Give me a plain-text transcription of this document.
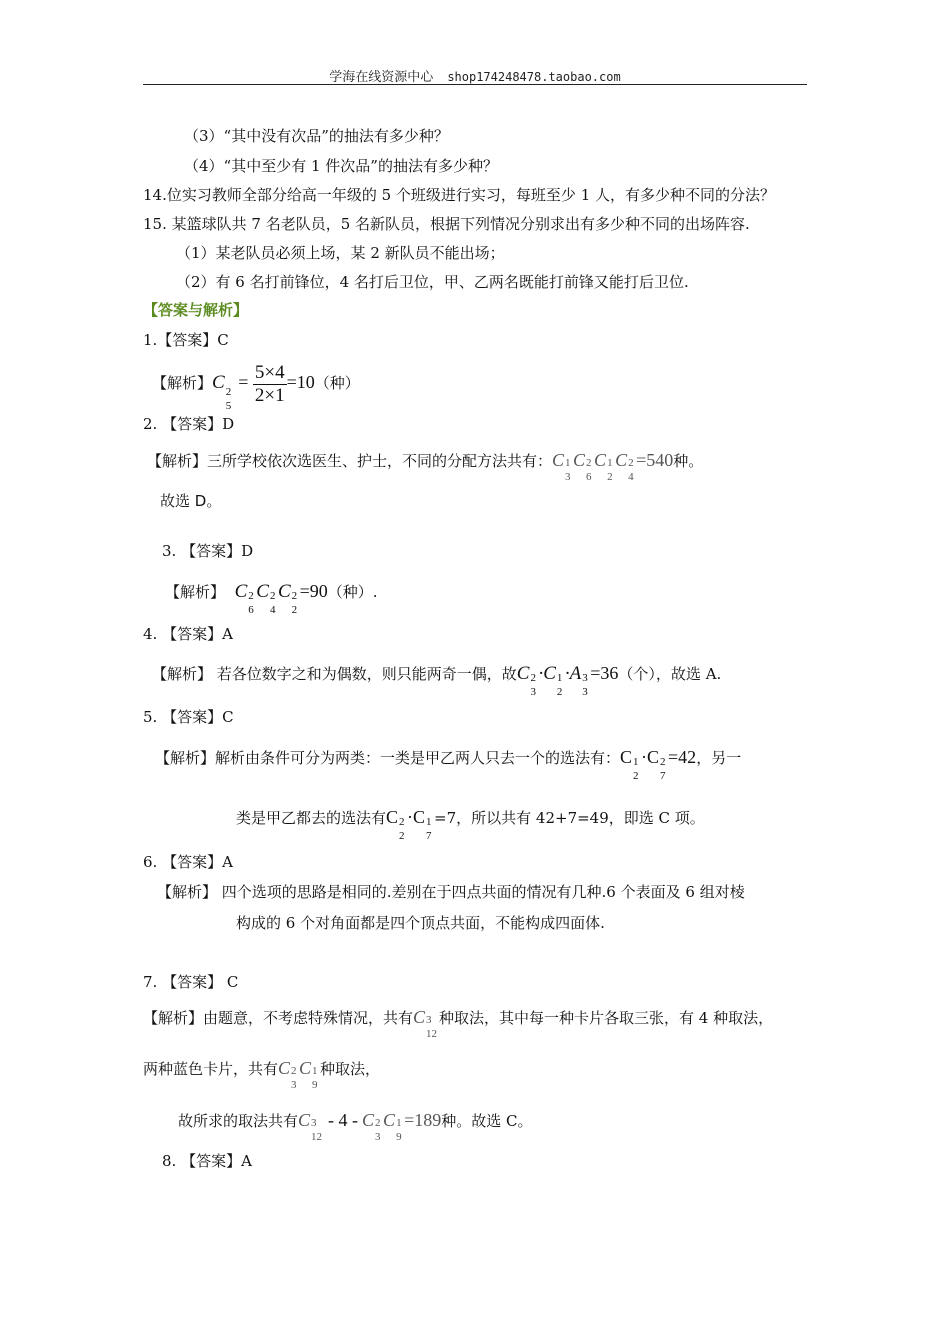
学海在线资源中心 shop174248478.taobao.com
（3）“其中没有次品”的抽法有多少种？
（4）“其中至少有 1 件次品”的抽法有多少种？
14.位实习教师全部分给高一年级的 5 个班级进行实习，每班至少 1 人，有多少种不同的分法？
15. 某篮球队共 7 名老队员，5 名新队员，根据下列情况分别求出有多少种不同的出场阵容.
（1）某老队员必须上场，某 2 新队员不能出场；
（2）有 6 名打前锋位，4 名打后卫位，甲、乙两名既能打前锋又能打后卫位.
【答案与解析】
1.【答案】C
【解析】C 2
5
= $\frac{5\times 4}{2\times 1} =10$（种）
2. 【答案】D
【解析】三所学校依次选医生、护士，不同的分配方法共有：C 1
3
C 2
6
C 1
2
C 2
4
=540种。
故选 D。
3. 【答案】D
【解析】 C 2
6
C 2
4
C 2
2
=90（种）.
4. 【答案】A
【解析】 若各位数字之和为偶数，则只能两奇一偶，故C 2
3
·C 1
2
·A 3
3
=36（个），故选 A.
5. 【答案】C
【解析】解析由条件可分为两类：一类是甲乙两人只去一个的选法有：C 1
2
·C 2
7
=42，另一
类是甲乙都去的选法有C 2
2
·C 1
7
=7，所以共有 42+7=49，即选 C 项。
6. 【答案】A
【解析】 四个选项的思路是相同的.差别在于四点共面的情况有几种.6 个表面及 6 组对棱
构成的 6 个对角面都是四个顶点共面，不能构成四面体.
7. 【答案】 C
【解析】由题意，不考虑特殊情况，共有C 3
12
种取法，其中每一种卡片各取三张，有 4 种取法，
两种蓝色卡片，共有C 2
3
C 1
9
种取法，
故所求的取法共有C 3
12
- 4 - C 2
3
C 1
9
=189种。故选 C。
8. 【答案】A
